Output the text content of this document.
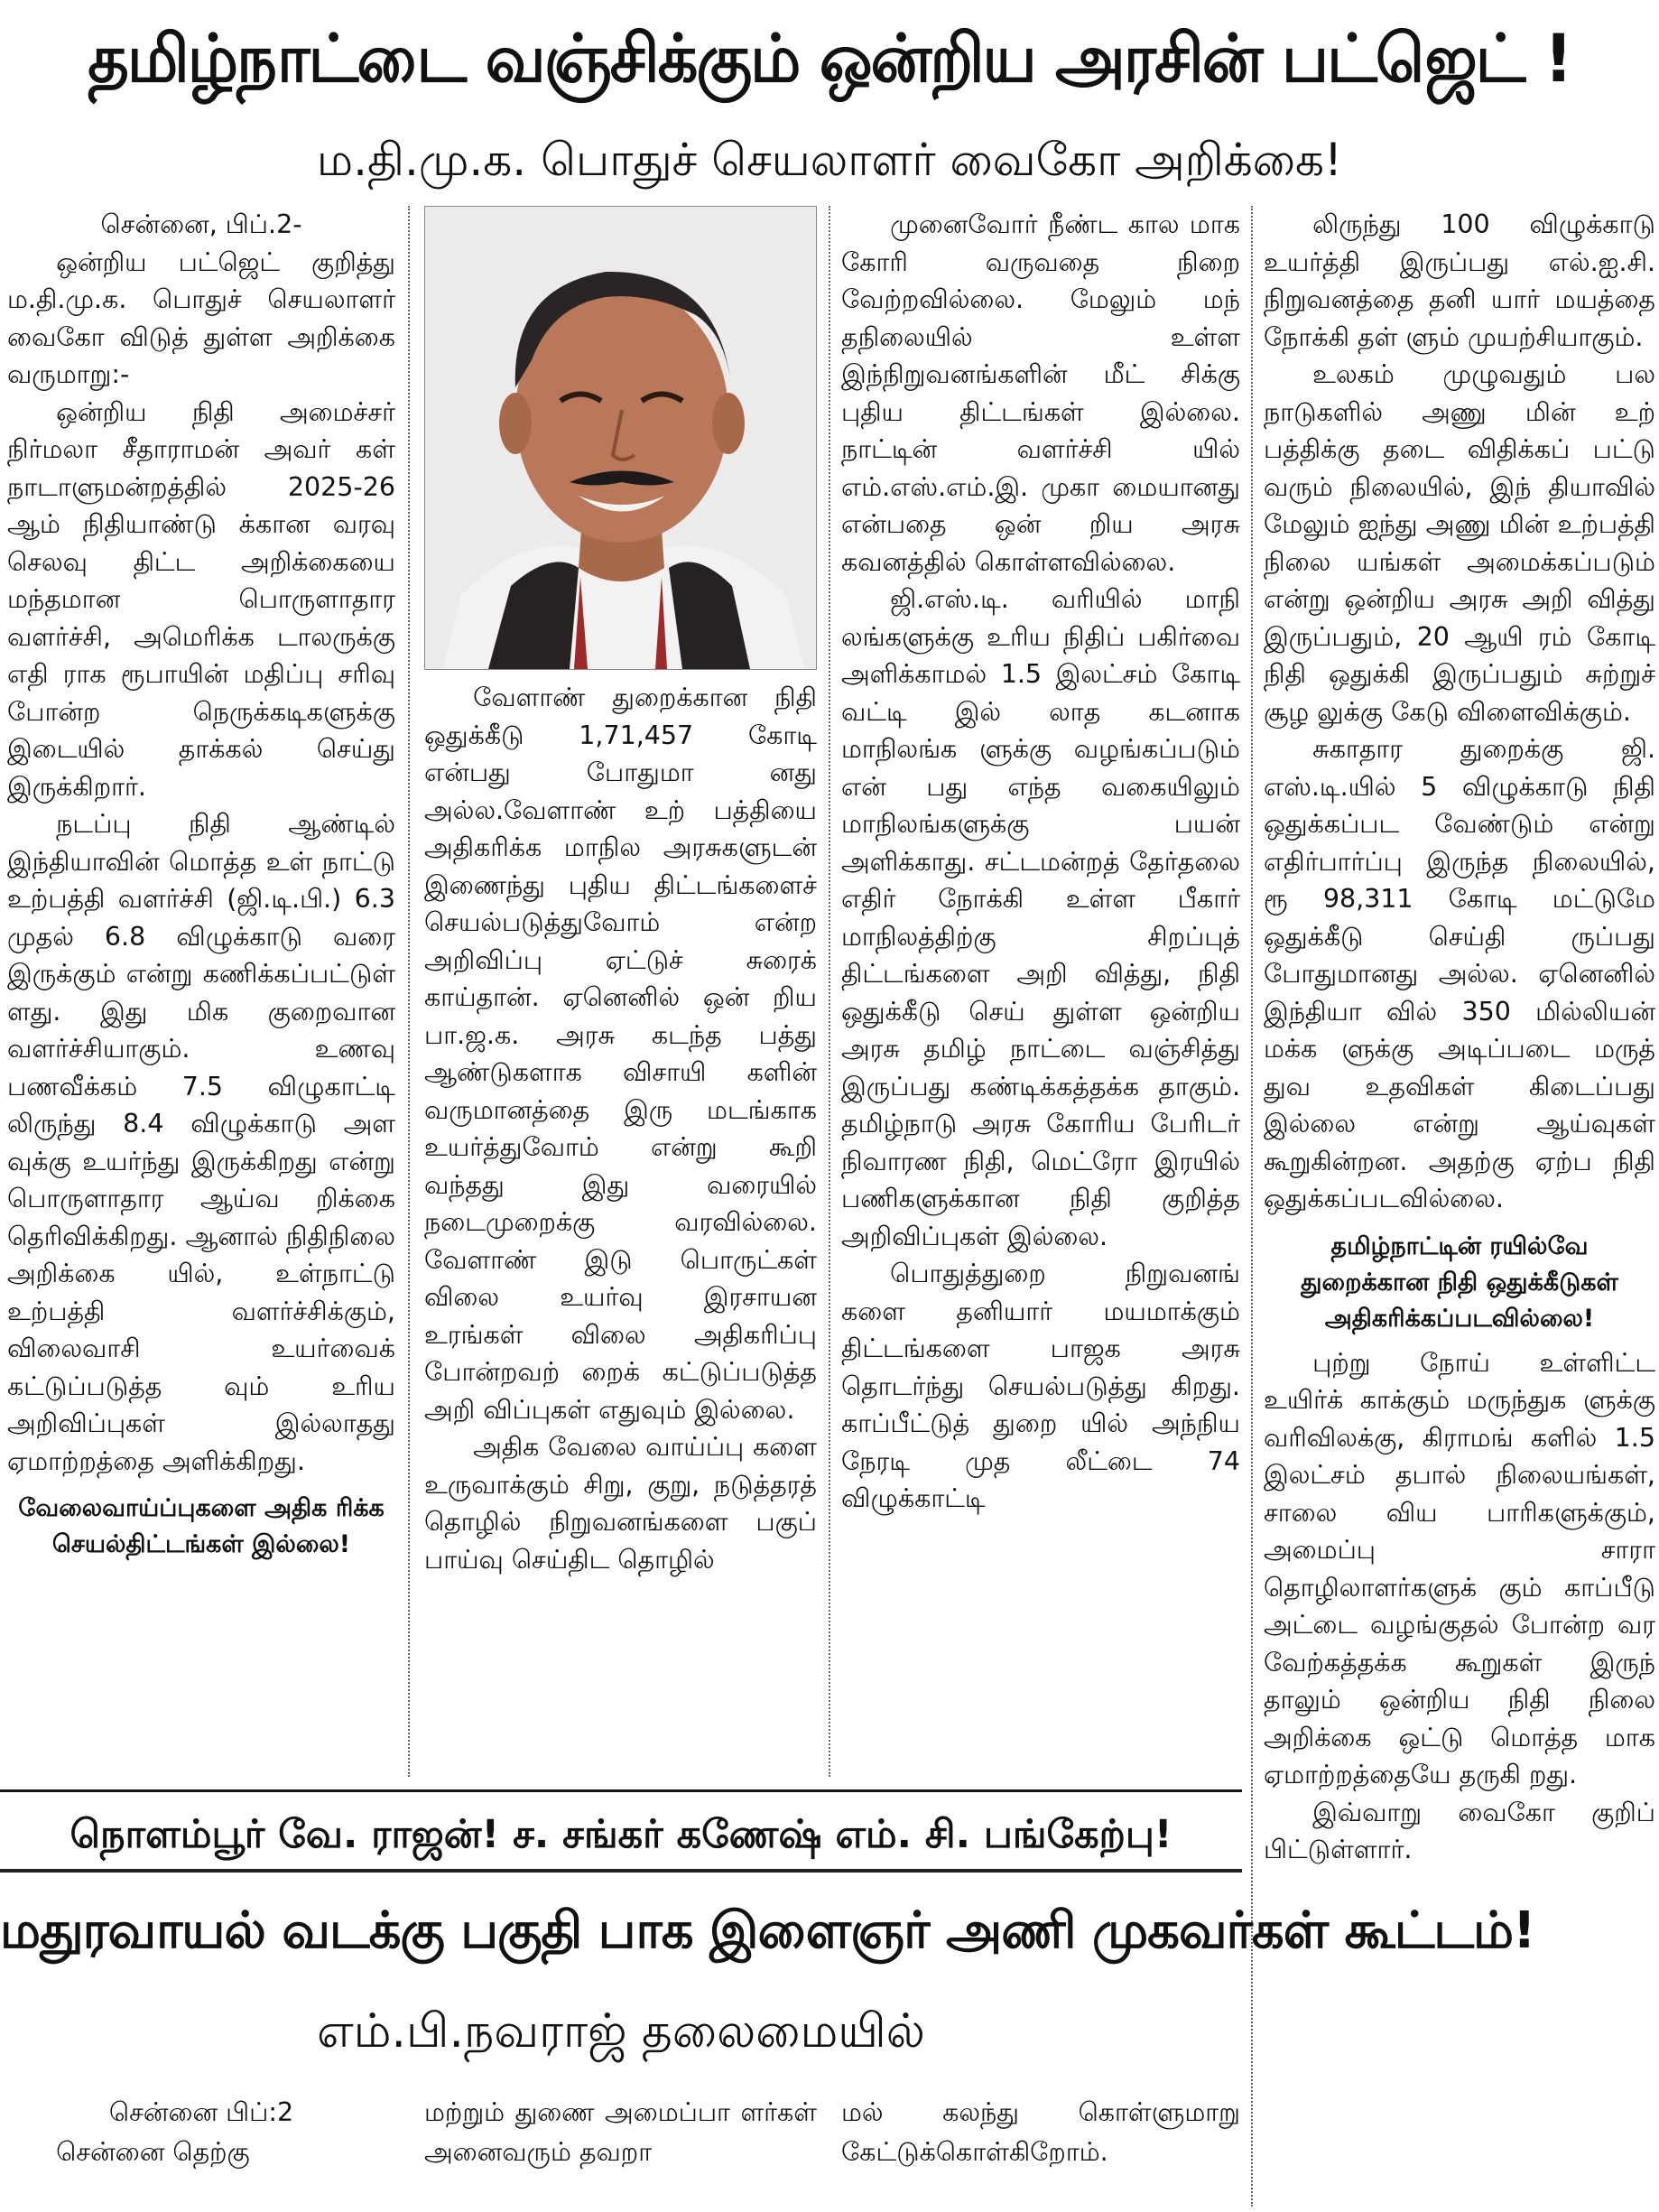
தமிழ்நாட்டை வஞ்சிக்கும் ஒன்றிய அரசின் பட்ஜெட் !
ம.தி.மு.க. பொதுச் செயலாளர் வைகோ அறிக்கை!

சென்னை, பிப்.2-

ஒன்றிய பட்ஜெட் குறித்து ம.தி.மு.க. பொதுச் செயலாளர் வைகோ விடுத் துள்ள அறிக்கை வருமாறு:-

ஒன்றிய நிதி அமைச்சர் நிர்மலா சீதாராமன் அவர் கள் நாடாளுமன்றத்தில் 2025-26 ஆம் நிதியாண்டு க்கான வரவு செலவு திட்ட அறிக்கையை மந்தமான பொருளாதார வளர்ச்சி, அமெரிக்க டாலருக்கு எதி ராக ரூபாயின் மதிப்பு சரிவு போன்ற நெருக்கடிகளுக்கு இடையில் தாக்கல் செய்து இருக்கிறார்.

நடப்பு நிதி ஆண்டில் இந்தியாவின் மொத்த உள் நாட்டு உற்பத்தி வளர்ச்சி (ஜி.டி.பி.) 6.3 முதல் 6.8 விழுக்காடு வரை இருக்கும் என்று கணிக்கப்பட்டுள் ளது. இது மிக குறைவான வளர்ச்சியாகும். உணவு பணவீக்கம் 7.5 விழுகாட்டி லிருந்து 8.4 விழுக்காடு அள வுக்கு உயர்ந்து இருக்கிறது என்று பொருளாதார ஆய்வ றிக்கை தெரிவிக்கிறது. ஆனால் நிதிநிலை அறிக்கை யில், உள்நாட்டு உற்பத்தி வளர்ச்சிக்கும், விலைவாசி உயர்வைக் கட்டுப்படுத்த வும் உரிய அறிவிப்புகள் இல்லாதது ஏமாற்றத்தை அளிக்கிறது.

வேலைவாய்ப்புகளை அதிக ரிக்க செயல்திட்டங்கள் இல்லை!

வேளாண் துறைக்கான நிதி ஒதுக்கீடு 1,71,457 கோடி என்பது போதுமா னது அல்ல.வேளாண் உற் பத்தியை அதிகரிக்க மாநில அரசுகளுடன் இணைந்து புதிய திட்டங்களைச் செயல்படுத்துவோம் என்ற அறிவிப்பு ஏட்டுச் சுரைக் காய்தான். ஏனெனில் ஒன் றிய பா.ஜ.க. அரசு கடந்த பத்து ஆண்டுகளாக விசாயி களின் வருமானத்தை இரு மடங்காக உயர்த்துவோம் என்று கூறி வந்தது இது வரையில் நடைமுறைக்கு வரவில்லை. வேளாண் இடு பொருட்கள் விலை உயர்வு இரசாயன உரங்கள் விலை அதிகரிப்பு போன்றவற் றைக் கட்டுப்படுத்த அறி விப்புகள் எதுவும் இல்லை.

அதிக வேலை வாய்ப்பு களை உருவாக்கும் சிறு, குறு, நடுத்தரத் தொழில் நிறுவனங்களை பகுப் பாய்வு செய்திட தொழில்

முனைவோர் நீண்ட கால மாக கோரி வருவதை நிறை வேற்றவில்லை. மேலும் மந் தநிலையில் உள்ள இந்நிறுவனங்களின் மீட் சிக்கு புதிய திட்டங்கள் இல்லை. நாட்டின் வளர்ச்சி யில் எம்.எஸ்.எம்.இ. முகா மையானது என்பதை ஒன் றிய அரசு கவனத்தில் கொள்ளவில்லை.

ஜி.எஸ்.டி. வரியில் மாநி லங்களுக்கு உரிய நிதிப் பகிர்வை அளிக்காமல் 1.5 இலட்சம் கோடி வட்டி இல் லாத கடனாக மாநிலங்க ளுக்கு வழங்கப்படும் என் பது எந்த வகையிலும் மாநிலங்களுக்கு பயன் அளிக்காது. சட்டமன்றத் தேர்தலை எதிர் நோக்கி உள்ள பீகார் மாநிலத்திற்கு சிறப்புத் திட்டங்களை அறி வித்து, நிதி ஒதுக்கீடு செய் துள்ள ஒன்றிய அரசு தமிழ் நாட்டை வஞ்சித்து இருப்பது கண்டிக்கத்தக்க தாகும். தமிழ்நாடு அரசு கோரிய பேரிடர் நிவாரண நிதி, மெட்ரோ இரயில் பணிகளுக்கான நிதி குறித்த அறிவிப்புகள் இல்லை.

பொதுத்துறை நிறுவனங் களை தனியார் மயமாக்கும் திட்டங்களை பாஜக அரசு தொடர்ந்து செயல்படுத்து கிறது. காப்பீட்டுத் துறை யில் அந்நிய நேரடி முத லீட்டை 74 விழுக்காட்டி

லிருந்து 100 விழுக்காடு உயர்த்தி இருப்பது எல்.ஐ.சி. நிறுவனத்தை தனி யார் மயத்தை நோக்கி தள் ளும் முயற்சியாகும்.

உலகம் முழுவதும் பல நாடுகளில் அணு மின் உற் பத்திக்கு தடை விதிக்கப் பட்டு வரும் நிலையில், இந் தியாவில் மேலும் ஐந்து அணு மின் உற்பத்தி நிலை யங்கள் அமைக்கப்படும் என்று ஒன்றிய அரசு அறி வித்து இருப்பதும், 20 ஆயி ரம் கோடி நிதி ஒதுக்கி இருப்பதும் சுற்றுச் சூழ லுக்கு கேடு விளைவிக்கும்.

சுகாதார துறைக்கு ஜி. எஸ்.டி.யில் 5 விழுக்காடு நிதி ஒதுக்கப்பட வேண்டும் என்று எதிர்பார்ப்பு இருந்த நிலையில், ரூ 98,311 கோடி மட்டுமே ஒதுக்கீடு செய்தி ருப்பது போதுமானது அல்ல. ஏனெனில் இந்தியா வில் 350 மில்லியன் மக்க ளுக்கு அடிப்படை மருத் துவ உதவிகள் கிடைப்பது இல்லை என்று ஆய்வுகள் கூறுகின்றன. அதற்கு ஏற்ப நிதி ஒதுக்கப்படவில்லை.

தமிழ்நாட்டின் ரயில்வே துறைக்கான நிதி ஒதுக்கீடுகள் அதிகரிக்கப்படவில்லை!

புற்று நோய் உள்ளிட்ட உயிர்க் காக்கும் மருந்துக ளுக்கு வரிவிலக்கு, கிராமங் களில் 1.5 இலட்சம் தபால் நிலையங்கள், சாலை விய பாரிகளுக்கும், அமைப்பு சாரா தொழிலாளர்களுக் கும் காப்பீடு அட்டை வழங்குதல் போன்ற வர வேற்கத்தக்க கூறுகள் இருந் தாலும் ஒன்றிய நிதி நிலை அறிக்கை ஒட்டு மொத்த மாக ஏமாற்றத்தையே தருகி றது.

இவ்வாறு வைகோ குறிப் பிட்டுள்ளார்.

நொளம்பூர் வே. ராஜன்! ச. சங்கர் கணேஷ் எம். சி. பங்கேற்பு!
மதுரவாயல் வடக்கு பகுதி பாக இளைஞர் அணி முகவர்கள் கூட்டம்!
எம்.பி.நவராஜ் தலைமையில்

சென்னை பிப்:2

சென்னை தெற்கு

மற்றும் துணை அமைப்பா ளர்கள் அனைவரும் தவறா

மல் கலந்து கொள்ளுமாறு கேட்டுக்கொள்கிறோம்.
